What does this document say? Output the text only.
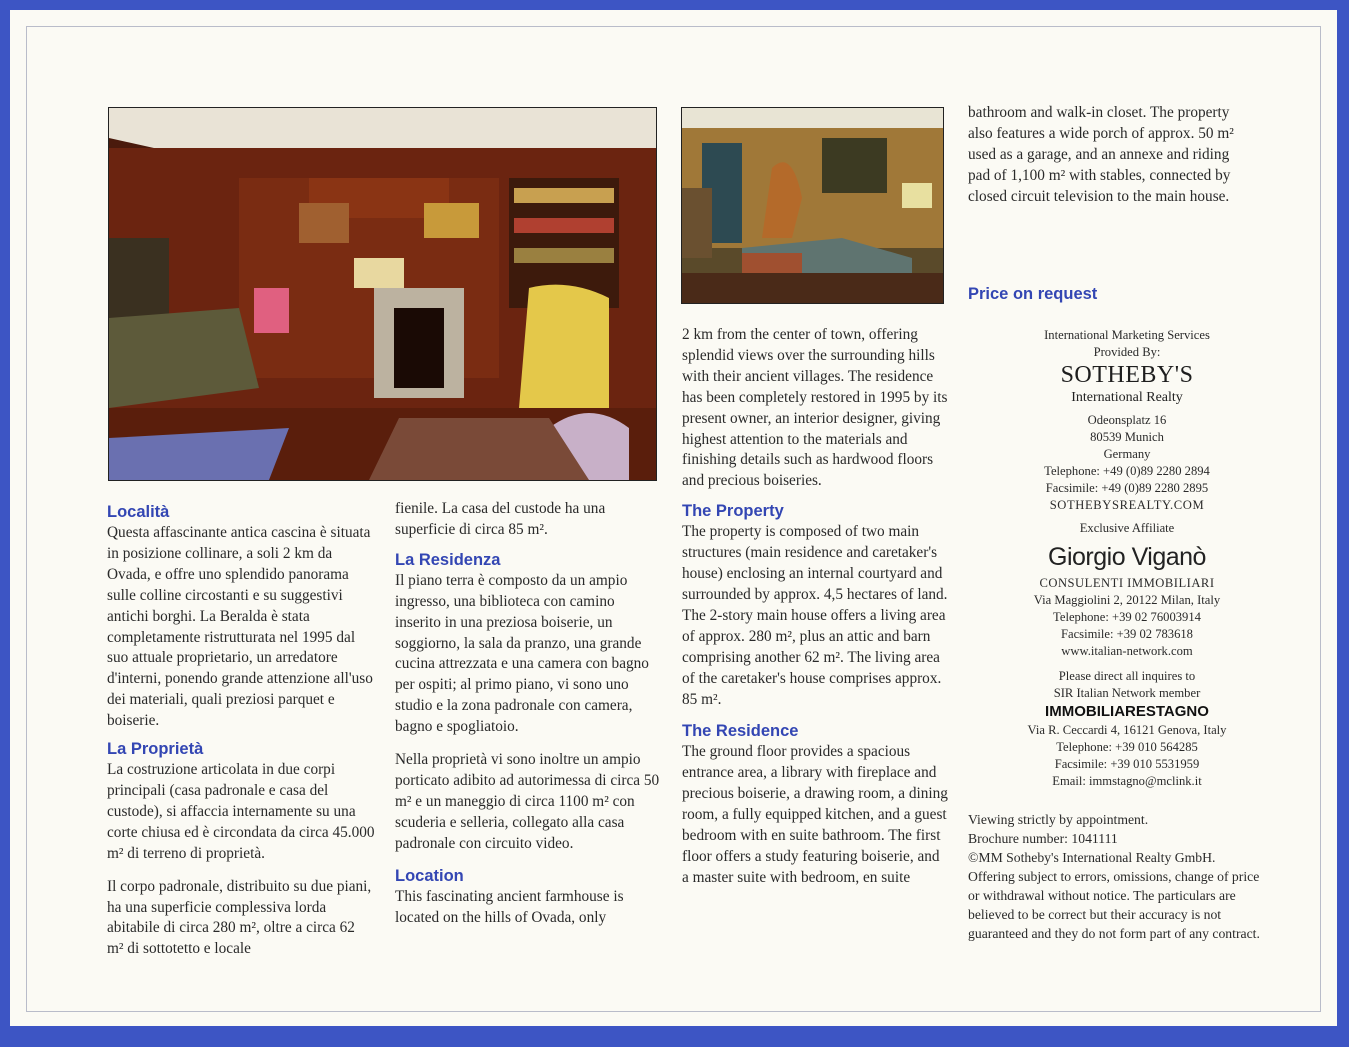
Località

Questa affascinante antica cascina è situata in posizione collinare, a soli 2 km da Ovada, e offre uno splendido panorama sulle colline circostanti e su suggestivi antichi borghi. La Beralda è stata completamente ristrutturata nel 1995 dal suo attuale proprietario, un arredatore d'interni, ponendo grande attenzione all'uso dei materiali, quali preziosi parquet e boiserie.

La Proprietà

La costruzione articolata in due corpi principali (casa padronale e casa del custode), si affaccia internamente su una corte chiusa ed è circondata da circa 45.000 m² di terreno di proprietà.

Il corpo padronale, distribuito su due piani, ha una superficie complessiva lorda abitabile di circa 280 m², oltre a circa 62 m² di sottotetto e locale

fienile. La casa del custode ha una superficie di circa 85 m².

La Residenza

Il piano terra è composto da un ampio ingresso, una biblioteca con camino inserito in una preziosa boiserie, un soggiorno, la sala da pranzo, una grande cucina attrezzata e una camera con bagno per ospiti; al primo piano, vi sono uno studio e la zona padronale con camera, bagno e spogliatoio.

Nella proprietà vi sono inoltre un ampio porticato adibito ad autorimessa di circa 50 m² e un maneggio di circa 1100 m² con scuderia e selleria, collegato alla casa padronale con circuito video.

Location

This fascinating ancient farmhouse is located on the hills of Ovada, only

2 km from the center of town, offering splendid views over the surrounding hills with their ancient villages. The residence has been completely restored in 1995 by its present owner, an interior designer, giving highest attention to the materials and finishing details such as hardwood floors and precious boiseries.

The Property

The property is composed of two main structures (main residence and caretaker's house) enclosing an internal courtyard and surrounded by approx. 4,5 hectares of land. The 2-story main house offers a living area of approx. 280 m², plus an attic and barn comprising another 62 m². The living area of the caretaker's house comprises approx. 85 m².

The Residence

The ground floor provides a spacious entrance area, a library with fireplace and precious boiserie, a drawing room, a dining room, a fully equipped kitchen, and a guest bedroom with en suite bathroom. The first floor offers a study featuring boiserie, and a master suite with bedroom, en suite

bathroom and walk-in closet. The property also features a wide porch of approx. 50 m² used as a garage, and an annexe and riding pad of 1,100 m² with stables, connected by closed circuit television to the main house.

Price on request
International Marketing Services
Provided By:
SOTHEBY'S
International Realty
Odeonsplatz 16
80539 Munich
Germany
Telephone: +49 (0)89 2280 2894
Facsimile: +49 (0)89 2280 2895
SOTHEBYSREALTY.COM
Exclusive Affiliate
Giorgio Viganò
CONSULENTI IMMOBILIARI
Via Maggiolini 2, 20122 Milan, Italy
Telephone: +39 02 76003914
Facsimile: +39 02 783618
www.italian-network.com
Please direct all inquires to
SIR Italian Network member
IMMOBILIARESTAGNO
Via R. Ceccardi 4, 16121 Genova, Italy
Telephone: +39 010 564285
Facsimile: +39 010 5531959
Email: immstagno@mclink.it

Viewing strictly by appointment.

Brochure number: 1041111

©MM Sotheby's International Realty GmbH.

Offering subject to errors, omissions, change of price or withdrawal without notice. The particulars are believed to be correct but their accuracy is not guaranteed and they do not form part of any contract.
